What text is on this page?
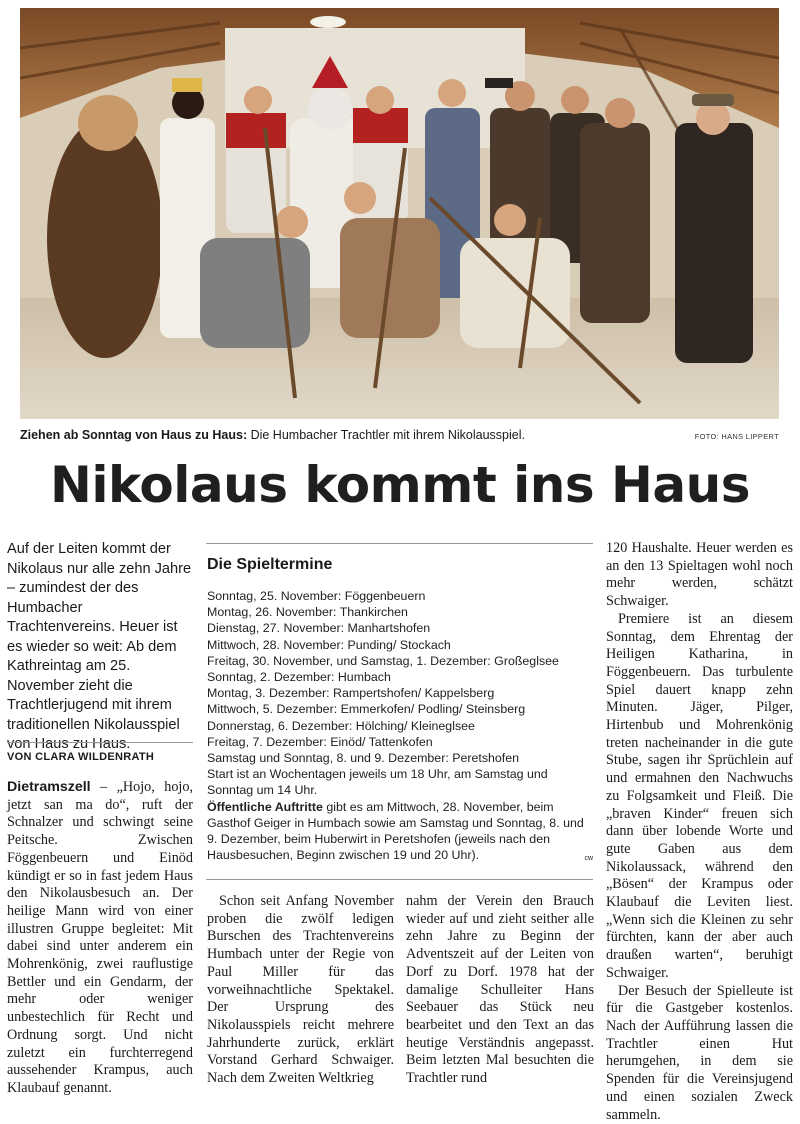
Ziehen ab Sonntag von Haus zu Haus: Die Humbacher Trachtler mit ihrem Nikolausspiel.	FOTO: HANS LIPPERT
Nikolaus kommt ins Haus
Auf der Leiten kommt der Nikolaus nur alle zehn Jahre – zumindest der des Humbacher Trachtenvereins. Heuer ist es wieder so weit: Ab dem Kathreintag am 25. November zieht die Trachtlerjugend mit ihrem traditionellen Nikolausspiel von Haus zu Haus.
VON CLARA WILDENRATH

Dietramszell – „Hojo, hojo, jetzt san ma do“, ruft der Schnalzer und schwingt seine Peitsche. Zwischen Föggenbeuern und Einöd kündigt er so in fast jedem Haus den Nikolausbesuch an. Der heilige Mann wird von einer illustren Gruppe begleitet: Mit dabei sind unter anderem ein Mohrenkönig, zwei rauflustige Bettler und ein Gendarm, der mehr oder weniger unbestechlich für Recht und Ordnung sorgt. Und nicht zuletzt ein furchterregend aussehender Krampus, auch Klaubauf genannt.

Die Spieltermine
Sonntag, 25. November: Föggenbeuern
Montag, 26. November: Thankirchen
Dienstag, 27. November: Manhartshofen
Mittwoch, 28. November: Punding/ Stockach
Freitag, 30. November, und Samstag, 1. Dezember: Großeglsee
Sonntag, 2. Dezember: Humbach
Montag, 3. Dezember: Rampertshofen/ Kappelsberg
Mittwoch, 5. Dezember: Emmerkofen/ Podling/ Steinsberg
Donnerstag, 6. Dezember: Hölching/ Kleineglsee
Freitag, 7. Dezember: Einöd/ Tattenkofen
Samstag und Sonntag, 8. und 9. Dezember: Peretshofen
Start ist an Wochentagen jeweils um 18 Uhr, am Samstag und Sonntag um 14 Uhr.
Öffentliche Auftritte gibt es am Mittwoch, 28. November, beim Gasthof Geiger in Humbach sowie am Samstag und Sonntag, 8. und 9. Dezember, beim Huberwirt in Peretshofen (jeweils nach den Hausbesuchen, Beginn zwischen 19 und 20 Uhr).	cw

Schon seit Anfang November proben die zwölf ledigen Burschen des Trachtenvereins Humbach unter der Regie von Paul Miller für das vorweihnachtliche Spektakel. Der Ursprung des Nikolausspiels reicht mehrere Jahrhunderte zurück, erklärt Vorstand Gerhard Schwaiger. Nach dem Zweiten Weltkrieg

nahm der Verein den Brauch wieder auf und zieht seither alle zehn Jahre zu Beginn der Adventszeit auf der Leiten von Dorf zu Dorf. 1978 hat der damalige Schulleiter Hans Seebauer das Stück neu bearbeitet und den Text an das heutige Verständnis angepasst. Beim letzten Mal besuchten die Trachtler rund

120 Haushalte. Heuer werden es an den 13 Spieltagen wohl noch mehr werden, schätzt Schwaiger.

Premiere ist an diesem Sonntag, dem Ehrentag der Heiligen Katharina, in Föggenbeuern. Das turbulente Spiel dauert knapp zehn Minuten. Jäger, Pilger, Hirtenbub und Mohrenkönig treten nacheinander in die gute Stube, sagen ihr Sprüchlein auf und ermahnen den Nachwuchs zu Folgsamkeit und Fleiß. Die „braven Kinder“ freuen sich dann über lobende Worte und gute Gaben aus dem Nikolaussack, während den „Bösen“ der Krampus oder Klaubauf die Leviten liest. „Wenn sich die Kleinen zu sehr fürchten, kann der aber auch draußen warten“, beruhigt Schwaiger.

Der Besuch der Spielleute ist für die Gastgeber kostenlos. Nach der Aufführung lassen die Trachtler einen Hut herumgehen, in dem sie Spenden für die Vereinsjugend und einen sozialen Zweck sammeln.
